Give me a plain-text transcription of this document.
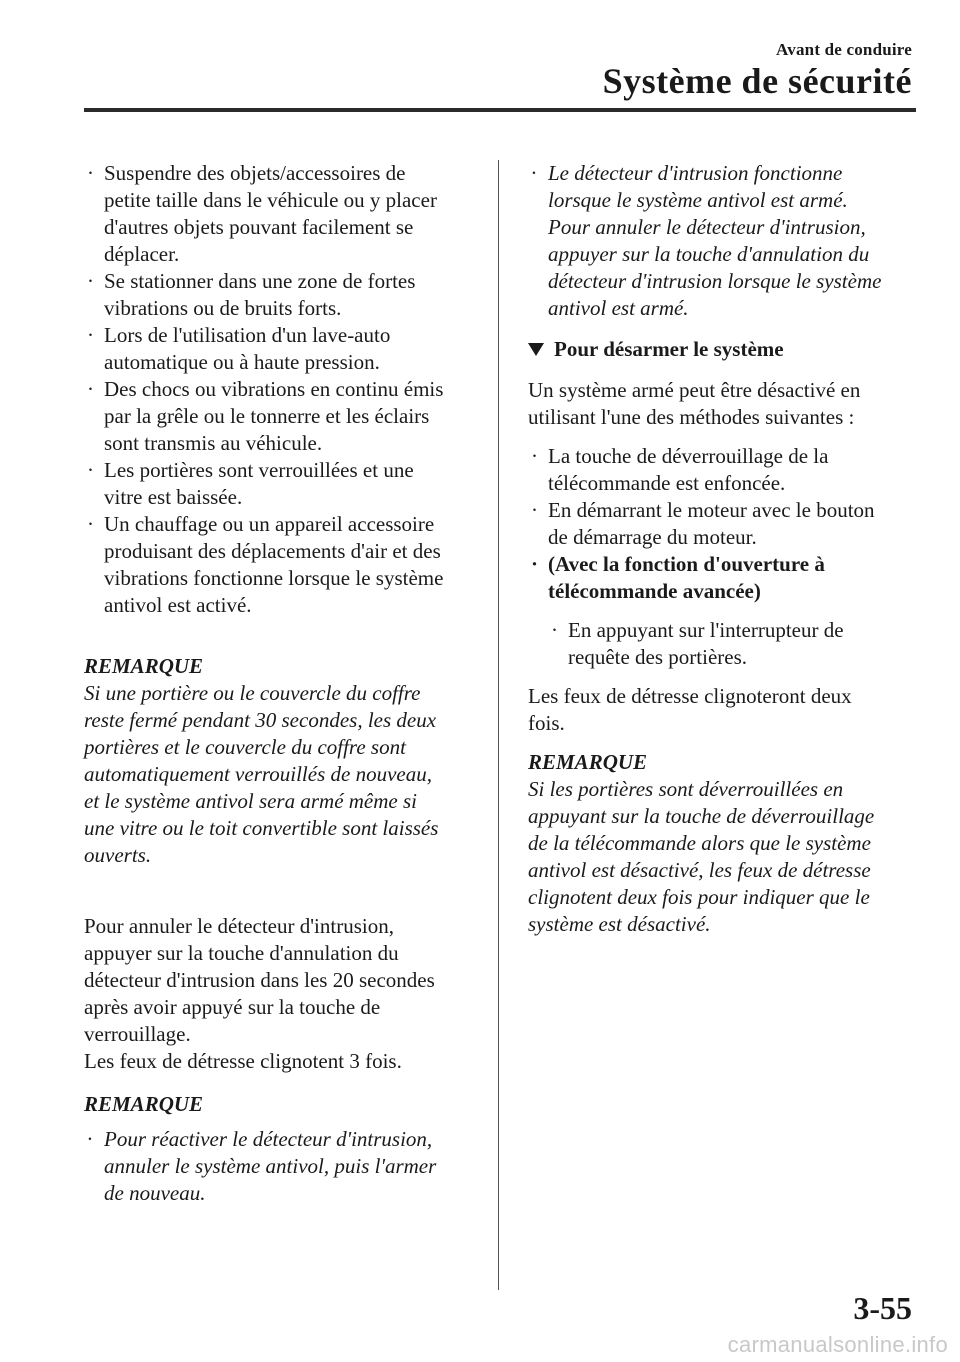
Avant de conduire
Système de sécurité
· Suspendre des objets/accessoires de
petite taille dans le véhicule ou y placer
d'autres objets pouvant facilement se
déplacer.
· Se stationner dans une zone de fortes
vibrations ou de bruits forts.
· Lors de l'utilisation d'un lave-auto
automatique ou à haute pression.
· Des chocs ou vibrations en continu émis
par la grêle ou le tonnerre et les éclairs
sont transmis au véhicule.
· Les portières sont verrouillées et une
vitre est baissée.
· Un chauffage ou un appareil accessoire
produisant des déplacements d'air et des
vibrations fonctionne lorsque le système
antivol est activé.
REMARQUE
Si une portière ou le couvercle du coffre
reste fermé pendant 30 secondes, les deux
portières et le couvercle du coffre sont
automatiquement verrouillés de nouveau,
et le système antivol sera armé même si
une vitre ou le toit convertible sont laissés
ouverts.
Pour annuler le détecteur d'intrusion,
appuyer sur la touche d'annulation du
détecteur d'intrusion dans les 20 secondes
après avoir appuyé sur la touche de
verrouillage.
Les feux de détresse clignotent 3 fois.
REMARQUE
· Pour réactiver le détecteur d'intrusion,
annuler le système antivol, puis l'armer
de nouveau.
· Le détecteur d'intrusion fonctionne
lorsque le système antivol est armé.
Pour annuler le détecteur d'intrusion,
appuyer sur la touche d'annulation du
détecteur d'intrusion lorsque le système
antivol est armé.
Pour désarmer le système
Un système armé peut être désactivé en
utilisant l'une des méthodes suivantes :
· La touche de déverrouillage de la
télécommande est enfoncée.
· En démarrant le moteur avec le bouton
de démarrage du moteur.
· (Avec la fonction d'ouverture à
télécommande avancée)
· En appuyant sur l'interrupteur de
requête des portières.
Les feux de détresse clignoteront deux
fois.
REMARQUE
Si les portières sont déverrouillées en
appuyant sur la touche de déverrouillage
de la télécommande alors que le système
antivol est désactivé, les feux de détresse
clignotent deux fois pour indiquer que le
système est désactivé.
3-55
carmanualsonline.info
